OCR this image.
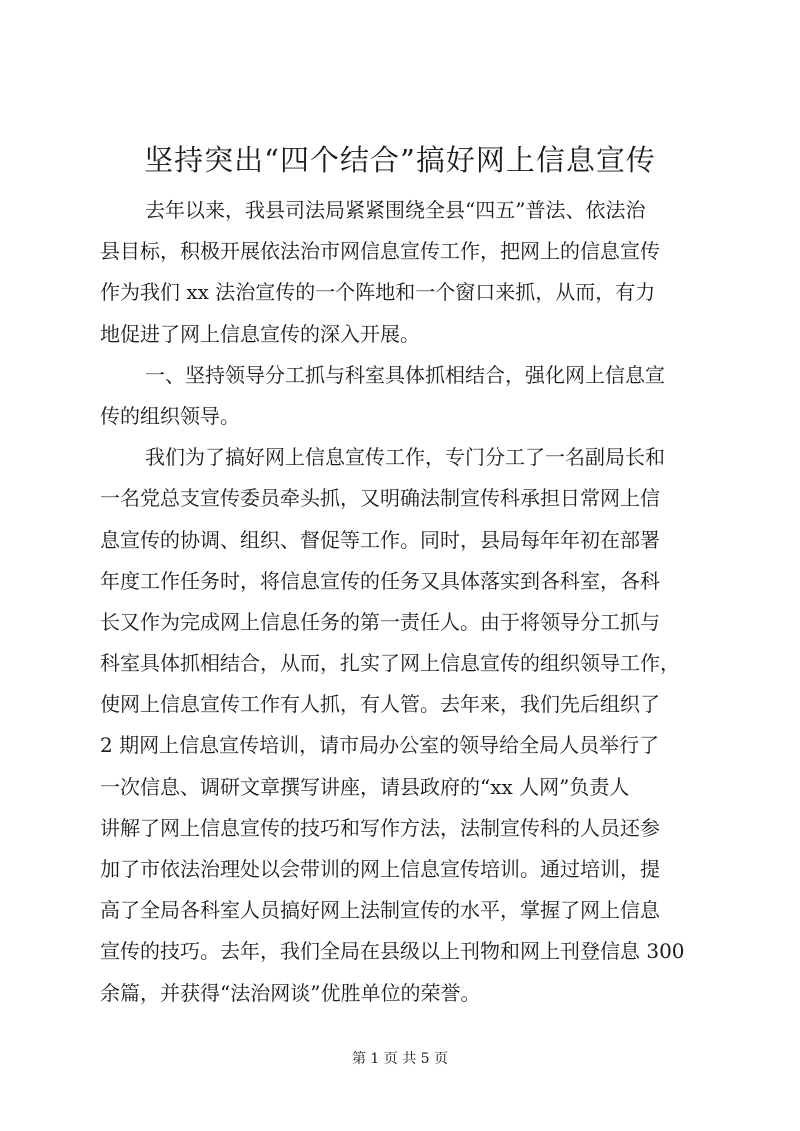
坚持突出“四个结合”搞好网上信息宣传
去年以来，我县司法局紧紧围绕全县“四五”普法、依法治
县目标，积极开展依法治市网信息宣传工作，把网上的信息宣传
作为我们 xx 法治宣传的一个阵地和一个窗口来抓，从而，有力
地促进了网上信息宣传的深入开展。
一、坚持领导分工抓与科室具体抓相结合，强化网上信息宣
传的组织领导。
我们为了搞好网上信息宣传工作，专门分工了一名副局长和
一名党总支宣传委员牵头抓，又明确法制宣传科承担日常网上信
息宣传的协调、组织、督促等工作。同时，县局每年年初在部署
年度工作任务时，将信息宣传的任务又具体落实到各科室，各科
长又作为完成网上信息任务的第一责任人。由于将领导分工抓与
科室具体抓相结合，从而，扎实了网上信息宣传的组织领导工作，
使网上信息宣传工作有人抓，有人管。去年来，我们先后组织了
2 期网上信息宣传培训，请市局办公室的领导给全局人员举行了
一次信息、调研文章撰写讲座，请县政府的“xx 人网”负责人
讲解了网上信息宣传的技巧和写作方法，法制宣传科的人员还参
加了市依法治理处以会带训的网上信息宣传培训。通过培训，提
高了全局各科室人员搞好网上法制宣传的水平，掌握了网上信息
宣传的技巧。去年，我们全局在县级以上刊物和网上刊登信息 300
余篇，并获得“法治网谈”优胜单位的荣誉。
第 1 页 共 5 页
